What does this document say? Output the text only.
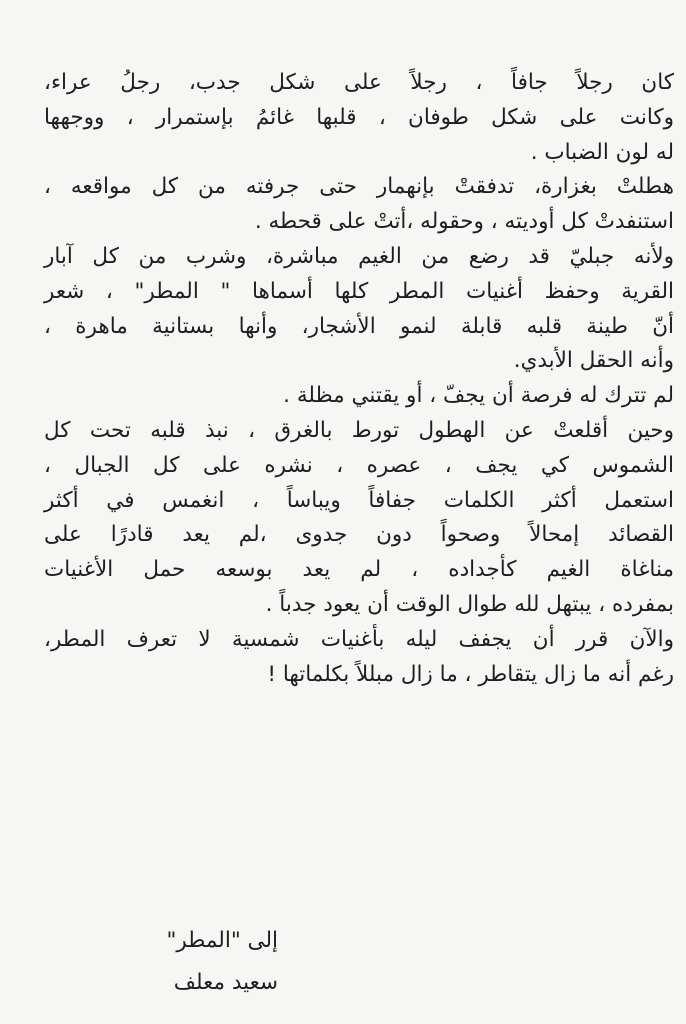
كان رجلاً جافاً ، رجلاً على شكل جدب، رجلُ عراء،
وكانت على شكل طوفان ، قلبها غائمُ بإستمرار ، ووجهها
له لون الضباب .
هطلتْ بغزارة، تدفقتْ بإنهمار حتى جرفته من كل مواقعه ،
استنفدتْ كل أوديته ، وحقوله ،أتتْ على قحطه .
ولأنه جبليّ قد رضع من الغيم مباشرة، وشرب من كل آبار
القرية وحفظ أغنيات المطر كلها أسماها " المطر" ، شعر
أنّ طينة قلبه قابلة لنمو الأشجار، وأنها بستانية ماهرة ،
وأنه الحقل الأبدي.
لم تترك له فرصة أن يجفّ ، أو يقتني مظلة .
وحين أقلعتْ عن الهطول تورط بالغرق ، نبذ قلبه تحت كل
الشموس كي يجف ، عصره ، نشره على كل الجبال ،
استعمل أكثر الكلمات جفافاً ويباساً ، انغمس في أكثر
القصائد إمحالاً وصحواً دون جدوى ،لم يعد قادرًا على
مناغاة الغيم كأجداده ، لم يعد بوسعه حمل الأغنيات
بمفرده ، يبتهل لله طوال الوقت أن يعود جدباً .
والآن قرر أن يجفف ليله بأغنيات شمسية لا تعرف المطر،
رغم أنه ما زال يتقاطر ، ما زال مبللاً بكلماتها !
إلى "المطر"
سعيد معلف
